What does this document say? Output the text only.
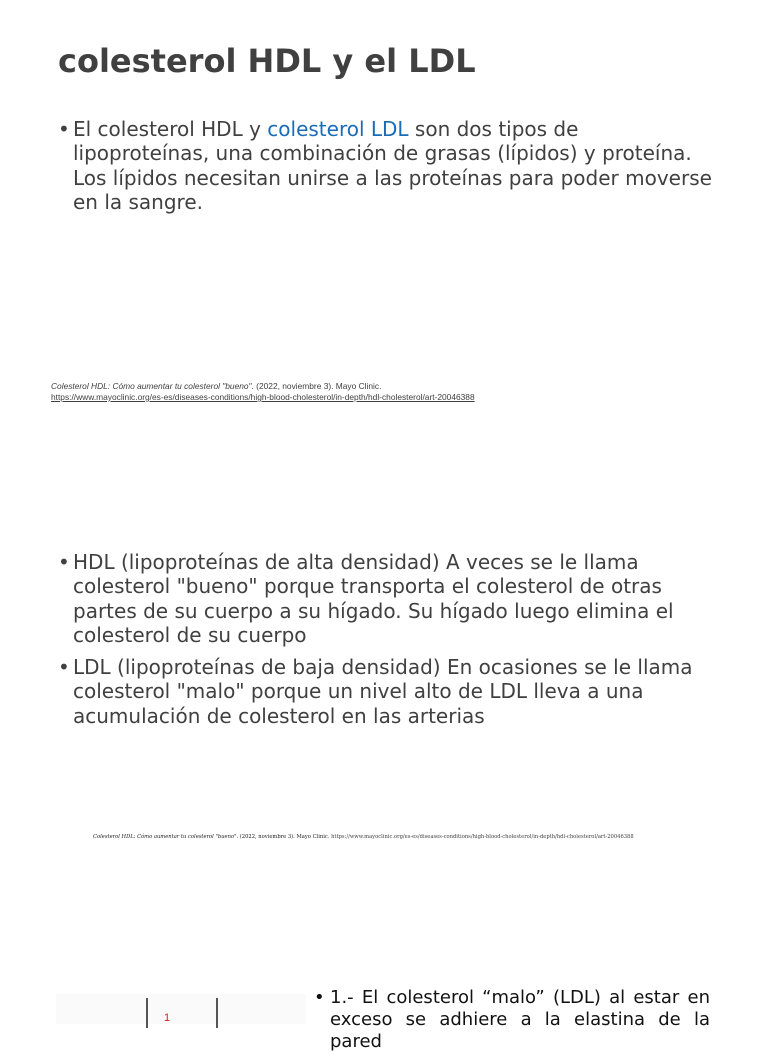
colesterol HDL y el LDL
• El colesterol HDL y colesterol LDL son dos tipos de lipoproteínas, una combinación de grasas (lípidos) y proteína. Los lípidos necesitan unirse a las proteínas para poder moverse en la sangre.
Colesterol HDL: Cómo aumentar tu colesterol "bueno". (2022, noviembre 3). Mayo Clinic.
https://www.mayoclinic.org/es-es/diseases-conditions/high-blood-cholesterol/in-depth/hdl-cholesterol/art-20046388
• HDL (lipoproteínas de alta densidad) A veces se le llama colesterol "bueno" porque transporta el colesterol de otras partes de su cuerpo a su hígado. Su hígado luego elimina el colesterol de su cuerpo
• LDL (lipoproteínas de baja densidad) En ocasiones se le llama colesterol "malo" porque un nivel alto de LDL lleva a una acumulación de colesterol en las arterias
Colesterol HDL: Cómo aumentar tu colesterol "bueno". (2022, noviembre 3). Mayo Clinic. https://www.mayoclinic.org/es-es/diseases-conditions/high-blood-cholesterol/in-depth/hdl-cholesterol/art-20046388
1

• 1.- El colesterol “malo” (LDL) al estar en exceso se adhiere a la elastina de la pared
